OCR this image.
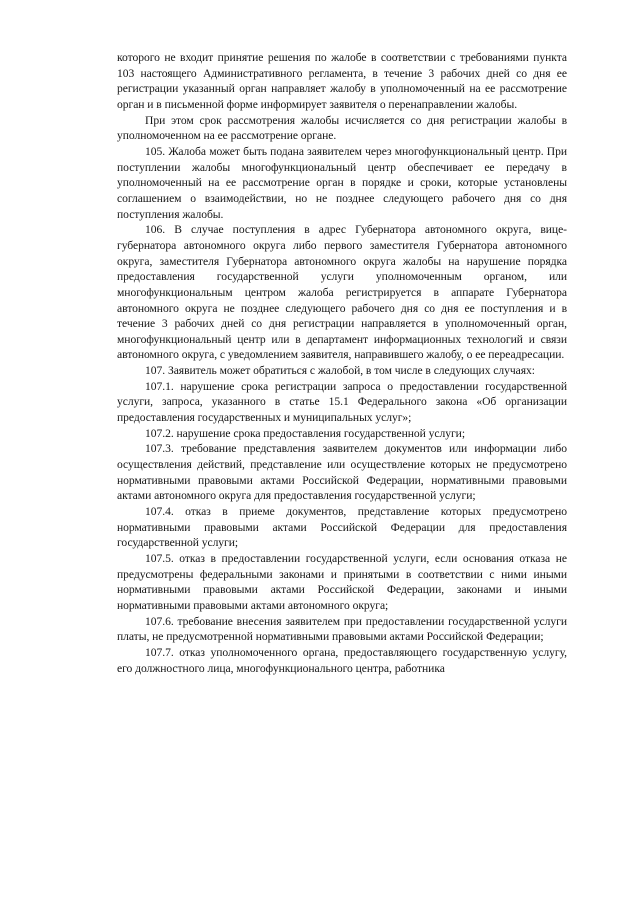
которого не входит принятие решения по жалобе в соответствии с требованиями пункта 103 настоящего Административного регламента, в течение 3 рабочих дней со дня ее регистрации указанный орган направляет жалобу в уполномоченный на ее рассмотрение орган и в письменной форме информирует заявителя о перенаправлении жалобы.

При этом срок рассмотрения жалобы исчисляется со дня регистрации жалобы в уполномоченном на ее рассмотрение органе.

105. Жалоба может быть подана заявителем через многофункциональный центр. При поступлении жалобы многофункциональный центр обеспечивает ее передачу в уполномоченный на ее рассмотрение орган в порядке и сроки, которые установлены соглашением о взаимодействии, но не позднее следующего рабочего дня со дня поступления жалобы.

106. В случае поступления в адрес Губернатора автономного округа, вице-губернатора автономного округа либо первого заместителя Губернатора автономного округа, заместителя Губернатора автономного округа жалобы на нарушение порядка предоставления государственной услуги уполномоченным органом, или многофункциональным центром жалоба регистрируется в аппарате Губернатора автономного округа не позднее следующего рабочего дня со дня ее поступления и в течение 3 рабочих дней со дня регистрации направляется в уполномоченный орган, многофункциональный центр или в департамент информационных технологий и связи автономного округа, с уведомлением заявителя, направившего жалобу, о ее переадресации.

107. Заявитель может обратиться с жалобой, в том числе в следующих случаях:

107.1. нарушение срока регистрации запроса о предоставлении государственной услуги, запроса, указанного в статье 15.1 Федерального закона «Об организации предоставления государственных и муниципальных услуг»;

107.2. нарушение срока предоставления государственной услуги;

107.3. требование представления заявителем документов или информации либо осуществления действий, представление или осуществление которых не предусмотрено нормативными правовыми актами Российской Федерации, нормативными правовыми актами автономного округа для предоставления государственной услуги;

107.4. отказ в приеме документов, представление которых предусмотрено нормативными правовыми актами Российской Федерации для предоставления государственной услуги;

107.5. отказ в предоставлении государственной услуги, если основания отказа не предусмотрены федеральными законами и принятыми в соответствии с ними иными нормативными правовыми актами Российской Федерации, законами и иными нормативными правовыми актами автономного округа;

107.6. требование внесения заявителем при предоставлении государственной услуги платы, не предусмотренной нормативными правовыми актами Российской Федерации;

107.7. отказ уполномоченного органа, предоставляющего государственную услугу, его должностного лица, многофункционального центра, работника
